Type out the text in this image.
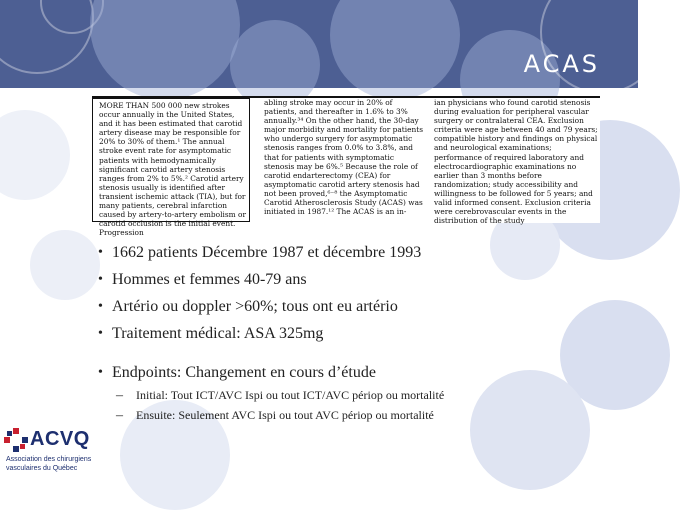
ACAS
MORE THAN 500 000 new strokes occur annually in the United States, and it has been estimated that carotid artery disease may be responsible for 20% to 30% of them.¹ The annual stroke event rate for asymptomatic patients with hemodynamically significant carotid artery stenosis ranges from 2% to 5%.² Carotid artery stenosis usually is identified after transient ischemic attack (TIA), but for many patients, cerebral infarction caused by artery-to-artery embolism or carotid occlusion is the initial event. Progression
abling stroke may occur in 20% of patients, and thereafter in 1.6% to 3% annually.³⁴ On the other hand, the 30-day major morbidity and mortality for patients who undergo surgery for asymptomatic stenosis ranges from 0.0% to 3.8%, and that for patients with symptomatic stenosis may be 6%.⁵ Because the role of carotid endarterectomy (CEA) for asymptomatic carotid artery stenosis had not been proved,⁶⁻⁸ the Asymptomatic Carotid Atherosclerosis Study (ACAS) was initiated in 1987.¹² The ACAS is an in-
ian physicians who found carotid stenosis during evaluation for peripheral vascular surgery or contralateral CEA. Exclusion criteria were age between 40 and 79 years; compatible history and findings on physical and neurological examinations; performance of required laboratory and electrocardiographic examinations no earlier than 3 months before randomization; study accessibility and willingness to be followed for 5 years; and valid informed consent. Exclusion criteria were cerebrovascular events in the distribution of the study
• 1662 patients Décembre 1987 et décembre 1993
• Hommes et femmes 40-79 ans
• Artério ou doppler >60%; tous ont eu artério
• Traitement médical: ASA 325mg
• Endpoints: Changement en cours d’étude
– Initial: Tout ICT/AVC Ispi ou tout ICT/AVC périop ou mortalité
– Ensuite: Seulement AVC Ispi ou tout AVC périop ou mortalité
ACVQ
Association des chirurgiens
vasculaires du Québec
